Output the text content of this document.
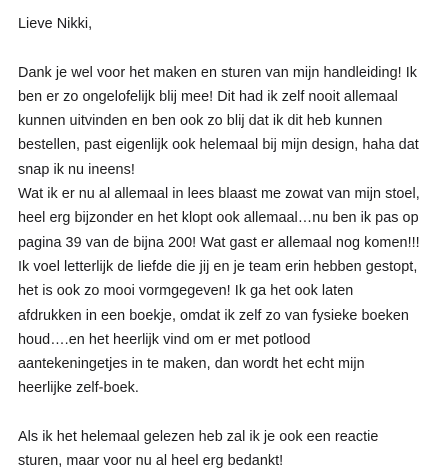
Lieve Nikki,
Dank je wel voor het maken en sturen van mijn handleiding! Ik
ben er zo ongelofelijk blij mee! Dit had ik zelf nooit allemaal
kunnen uitvinden en ben ook zo blij dat ik dit heb kunnen
bestellen, past eigenlijk ook helemaal bij mijn design, haha dat
snap ik nu ineens!
Wat ik er nu al allemaal in lees blaast me zowat van mijn stoel,
heel erg bijzonder en het klopt ook allemaal…nu ben ik pas op
pagina 39 van de bijna 200! Wat gast er allemaal nog komen!!!
Ik voel letterlijk de liefde die jij en je team erin hebben gestopt,
het is ook zo mooi vormgegeven! Ik ga het ook laten
afdrukken in een boekje, omdat ik zelf zo van fysieke boeken
houd….en het heerlijk vind om er met potlood
aantekeningetjes in te maken, dan wordt het echt mijn
heerlijke zelf-boek.
Als ik het helemaal gelezen heb zal ik je ook een reactie
sturen, maar voor nu al heel erg bedankt!
